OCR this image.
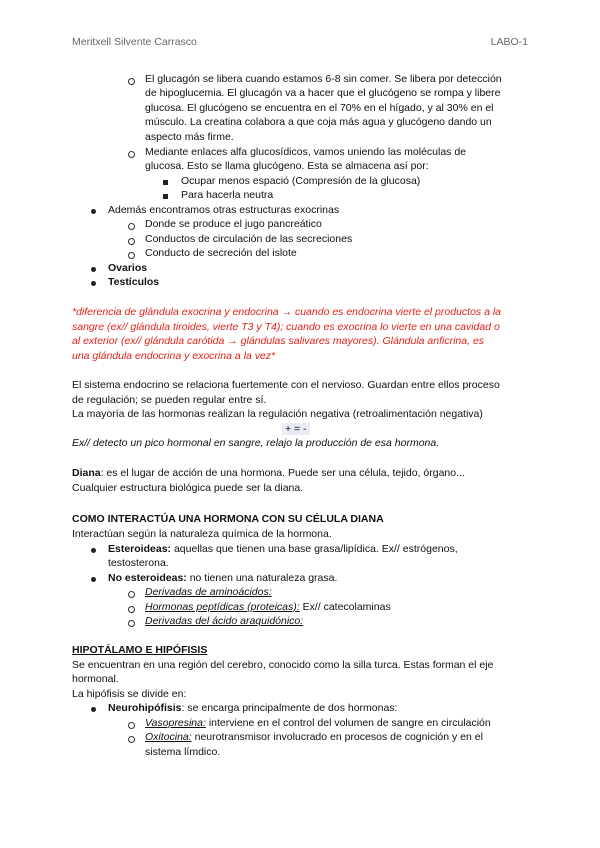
Meritxell Silvente Carrasco	LABO-1
El glucagón se libera cuando estamos 6-8 sin comer. Se libera por detección
de hipoglucemia. El glucagón va a hacer que el glucógeno se rompa y libere
glucosa. El glucógeno se encuentra en el 70% en el hígado, y al 30% en el
músculo. La creatina colabora a que coja más agua y glucógeno dando un
aspecto más firme.
Mediante enlaces alfa glucosídicos, vamos uniendo las moléculas de
glucosa. Esto se llama glucógeno. Esta se almacena así por:
Ocupar menos espació (Compresión de la glucosa)
Para hacerla neutra
Además encontramos otras estructuras exocrinas
Donde se produce el jugo pancreático
Conductos de circulación de las secreciones
Conducto de secreción del islote
Ovarios
Testículos
*diferencia de glándula exocrina y endocrina → cuando es endocrina vierte el productos a la
sangre (ex// glándula tiroides, vierte T3 y T4); cuando es exocrina lo vierte en una cavidad o
al exterior (ex// glándula carótida → glándulas salivares mayores). Glándula anficrina, es
una glándula endocrina y exocrina a la vez*
El sistema endocrino se relaciona fuertemente con el nervioso. Guardan entre ellos proceso
de regulación; se pueden regular entre sí.
La mayoría de las hormonas realizan la regulación negativa (retroalimentación negativa)
+ = -
Ex// detecto un pico hormonal en sangre, relajo la producción de esa hormona.
Diana: es el lugar de acción de una hormona. Puede ser una célula, tejido, órgano...
Cualquier estructura biológica puede ser la diana.
COMO INTERACTÚA UNA HORMONA CON SU CÉLULA DIANA
Interactúan según la naturaleza química de la hormona.
Esteroideas: aquellas que tienen una base grasa/lipídica. Ex// estrógenos,
testosterona.
No esteroideas: no tienen una naturaleza grasa.
Derivadas de aminoácidos:
Hormonas peptídicas (proteicas): Ex// catecolaminas
Derivadas del ácido araquidónico:
HIPOTÁLAMO E HIPÓFISIS
Se encuentran en una región del cerebro, conocido como la silla turca. Estas forman el eje
hormonal.
La hipófisis se divide en:
Neurohipófisis: se encarga principalmente de dos hormonas:
Vasopresina: interviene en el control del volumen de sangre en circulación
Oxitocina: neurotransmisor involucrado en procesos de cognición y en el
sistema límdico.
